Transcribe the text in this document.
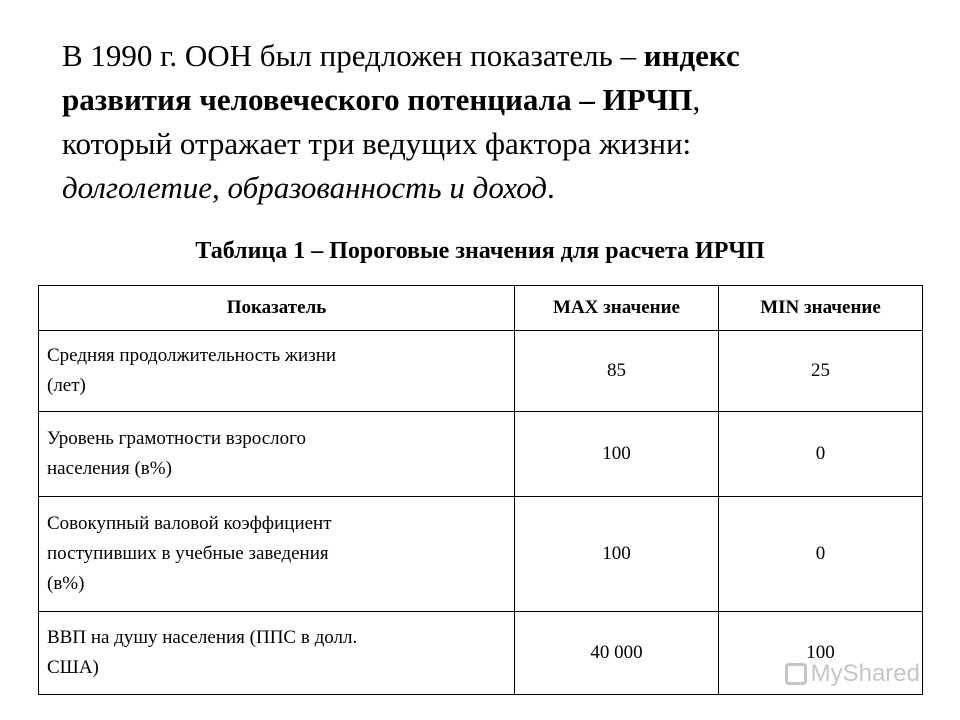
В 1990 г. ООН был предложен показатель – индекс
развития человеческого потенциала – ИРЧП,
который отражает три ведущих фактора жизни:
долголетие, образованность и доход.

Таблица 1 – Пороговые значения для расчета ИРЧП

Показатель	MAX значение	MIN значение

Средняя продолжительность жизни
(лет)	85	25

Уровень грамотности взрослого
населения (в%)	100	0

Совокупный валовой коэффициент
поступивших в учебные заведения
(в%)	100	0

ВВП на душу населения (ППС в долл.
США)	40 000	100
MyShared
